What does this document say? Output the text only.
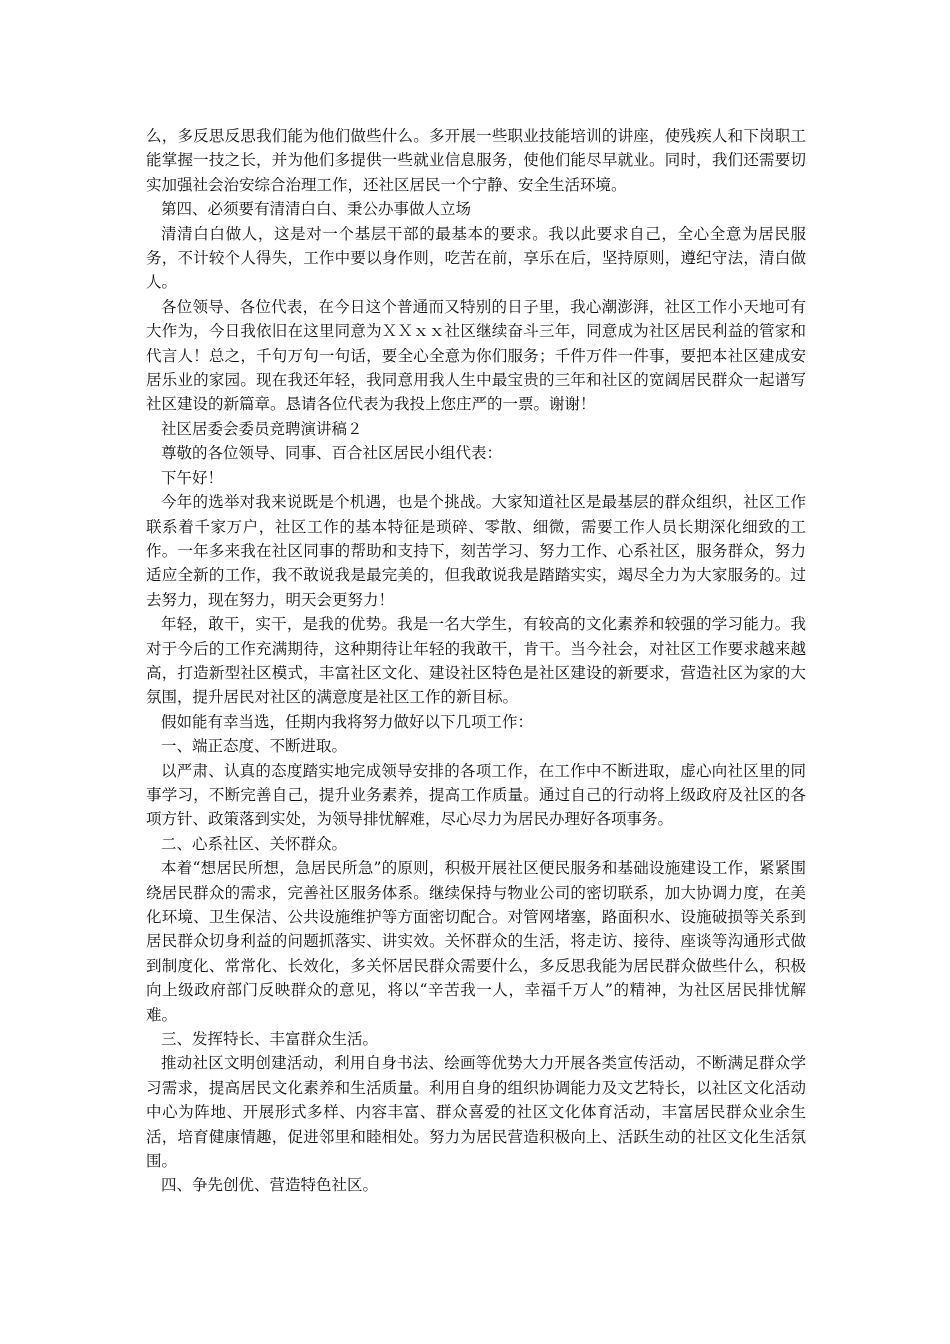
么，多反思反思我们能为他们做些什么。多开展一些职业技能培训的讲座，使残疾人和下岗职工能掌握一技之长，并为他们多提供一些就业信息服务，使他们能尽早就业。同时，我们还需要切实加强社会治安综合治理工作，还社区居民一个宁静、安全生活环境。

第四、必须要有清清白白、秉公办事做人立场

清清白白做人，这是对一个基层干部的最基本的要求。我以此要求自己，全心全意为居民服务，不计较个人得失，工作中要以身作则，吃苦在前，享乐在后，坚持原则，遵纪守法，清白做人。

各位领导、各位代表，在今日这个普通而又特别的日子里，我心潮澎湃，社区工作小天地可有大作为，今日我依旧在这里同意为ＸＸｘｘ社区继续奋斗三年，同意成为社区居民利益的管家和代言人！总之，千句万句一句话，要全心全意为你们服务；千件万件一件事，要把本社区建成安居乐业的家园。现在我还年轻，我同意用我人生中最宝贵的三年和社区的宽阔居民群众一起谱写社区建设的新篇章。恳请各位代表为我投上您庄严的一票。谢谢！

社区居委会委员竞聘演讲稿２

尊敬的各位领导、同事、百合社区居民小组代表：

下午好！

今年的选举对我来说既是个机遇，也是个挑战。大家知道社区是最基层的群众组织，社区工作联系着千家万户，社区工作的基本特征是琐碎、零散、细微，需要工作人员长期深化细致的工作。一年多来我在社区同事的帮助和支持下，刻苦学习、努力工作、心系社区，服务群众，努力适应全新的工作，我不敢说我是最完美的，但我敢说我是踏踏实实，竭尽全力为大家服务的。过去努力，现在努力，明天会更努力！

年轻，敢干，实干，是我的优势。我是一名大学生，有较高的文化素养和较强的学习能力。我对于今后的工作充满期待，这种期待让年轻的我敢干，肯干。当今社会，对社区工作要求越来越高，打造新型社区模式，丰富社区文化、建设社区特色是社区建设的新要求，营造社区为家的大氛围，提升居民对社区的满意度是社区工作的新目标。

假如能有幸当选，任期内我将努力做好以下几项工作：

一、端正态度、不断进取。

以严肃、认真的态度踏实地完成领导安排的各项工作，在工作中不断进取，虚心向社区里的同事学习，不断完善自己，提升业务素养，提高工作质量。通过自己的行动将上级政府及社区的各项方针、政策落到实处，为领导排忧解难，尽心尽力为居民办理好各项事务。

二、心系社区、关怀群众。

本着“想居民所想，急居民所急”的原则，积极开展社区便民服务和基础设施建设工作，紧紧围绕居民群众的需求，完善社区服务体系。继续保持与物业公司的密切联系，加大协调力度，在美化环境、卫生保洁、公共设施维护等方面密切配合。对管网堵塞，路面积水、设施破损等关系到居民群众切身利益的问题抓落实、讲实效。关怀群众的生活，将走访、接待、座谈等沟通形式做到制度化、常常化、长效化，多关怀居民群众需要什么，多反思我能为居民群众做些什么，积极向上级政府部门反映群众的意见，将以“辛苦我一人，幸福千万人”的精神，为社区居民排忧解难。

三、发挥特长、丰富群众生活。

推动社区文明创建活动，利用自身书法、绘画等优势大力开展各类宣传活动，不断满足群众学习需求，提高居民文化素养和生活质量。利用自身的组织协调能力及文艺特长，以社区文化活动中心为阵地、开展形式多样、内容丰富、群众喜爱的社区文化体育活动，丰富居民群众业余生活，培育健康情趣，促进邻里和睦相处。努力为居民营造积极向上、活跃生动的社区文化生活氛围。

四、争先创优、营造特色社区。
